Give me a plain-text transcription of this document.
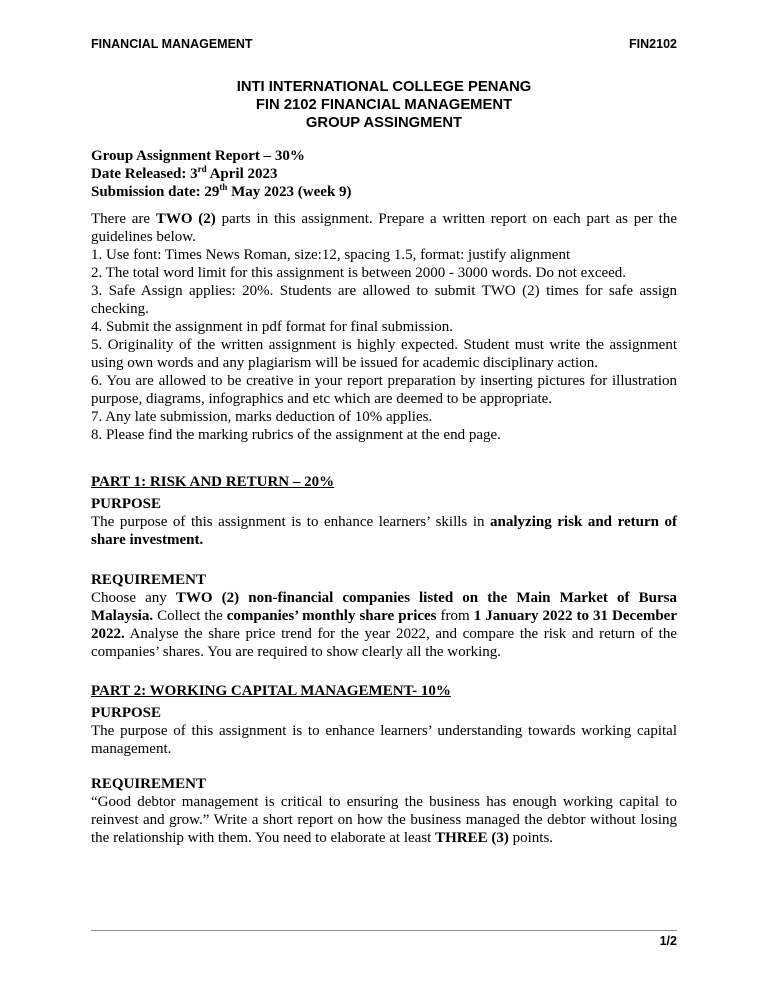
FINANCIAL MANAGEMENT	FIN2102
INTI INTERNATIONAL COLLEGE PENANG
FIN 2102 FINANCIAL MANAGEMENT
GROUP ASSINGMENT
Group Assignment Report – 30%
Date Released: 3rd April 2023
Submission date: 29th May 2023 (week 9)
There are TWO (2) parts in this assignment. Prepare a written report on each part as per the guidelines below.
1. Use font: Times News Roman, size:12, spacing 1.5, format: justify alignment
2. The total word limit for this assignment is between 2000 - 3000 words. Do not exceed.
3. Safe Assign applies: 20%. Students are allowed to submit TWO (2) times for safe assign checking.
4. Submit the assignment in pdf format for final submission.
5. Originality of the written assignment is highly expected. Student must write the assignment using own words and any plagiarism will be issued for academic disciplinary action.
6. You are allowed to be creative in your report preparation by inserting pictures for illustration purpose, diagrams, infographics and etc which are deemed to be appropriate.
7. Any late submission, marks deduction of 10% applies.
8. Please find the marking rubrics of the assignment at the end page.
PART 1: RISK AND RETURN – 20%
PURPOSE
The purpose of this assignment is to enhance learners’ skills in analyzing risk and return of share investment.
REQUIREMENT
Choose any TWO (2) non-financial companies listed on the Main Market of Bursa Malaysia. Collect the companies’ monthly share prices from 1 January 2022 to 31 December 2022. Analyse the share price trend for the year 2022, and compare the risk and return of the companies’ shares. You are required to show clearly all the working.
PART 2: WORKING CAPITAL MANAGEMENT- 10%
PURPOSE
The purpose of this assignment is to enhance learners’ understanding towards working capital management.
REQUIREMENT
“Good debtor management is critical to ensuring the business has enough working capital to reinvest and grow.” Write a short report on how the business managed the debtor without losing the relationship with them. You need to elaborate at least THREE (3) points.
1/2
